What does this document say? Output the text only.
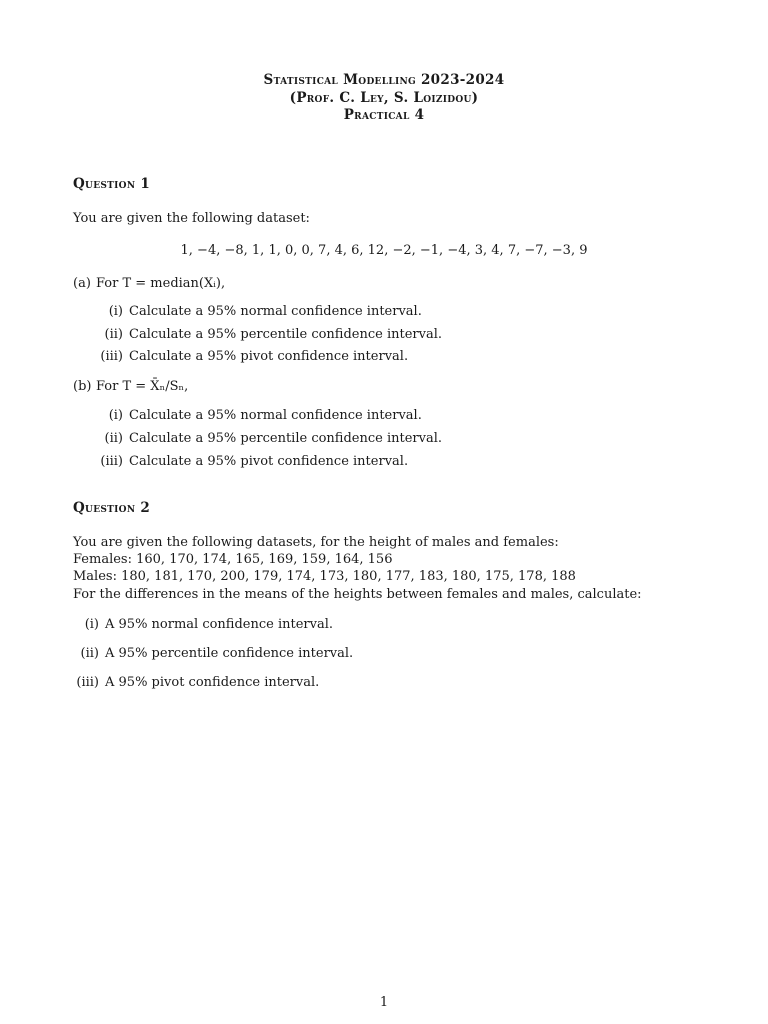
Statistical Modelling 2023-2024
(Prof. C. Ley, S. Loizidou)
Practical 4
Question 1
You are given the following dataset:
1, −4, −8, 1, 1, 0, 0, 7, 4, 6, 12, −2, −1, −4, 3, 4, 7, −7, −3, 9
(a) For T = median(Xᵢ),
(i) Calculate a 95% normal confidence interval.
(ii) Calculate a 95% percentile confidence interval.
(iii) Calculate a 95% pivot confidence interval.
(b) For T = X̄ₙ/Sₙ,
(i) Calculate a 95% normal confidence interval.
(ii) Calculate a 95% percentile confidence interval.
(iii) Calculate a 95% pivot confidence interval.
Question 2
You are given the following datasets, for the height of males and females:
Females: 160, 170, 174, 165, 169, 159, 164, 156
Males: 180, 181, 170, 200, 179, 174, 173, 180, 177, 183, 180, 175, 178, 188
For the differences in the means of the heights between females and males, calculate:
(i) A 95% normal confidence interval.
(ii) A 95% percentile confidence interval.
(iii) A 95% pivot confidence interval.
1
